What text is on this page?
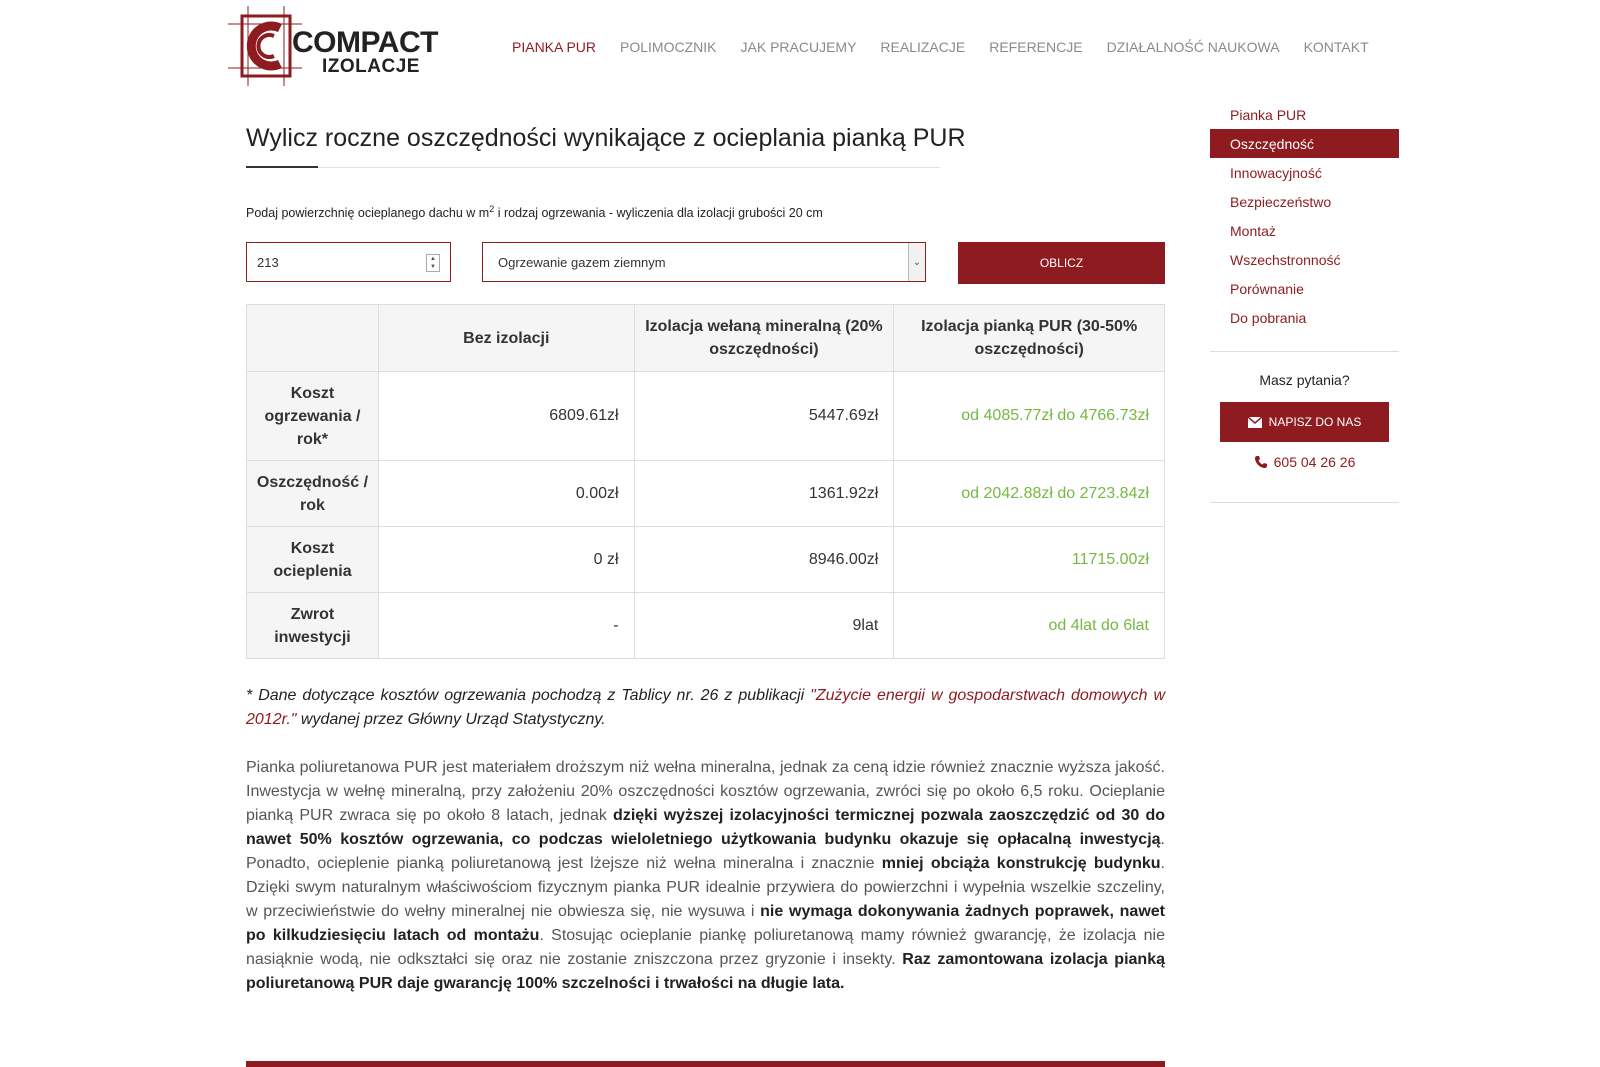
COMPACT
IZOLACJE
PIANKA PUR POLIMOCZNIK JAK PRACUJEMY REALIZACJE REFERENCJE DZIAŁALNOŚĆ NAUKOWA KONTAKT
Wylicz roczne oszczędności wynikające z ocieplania pianką PUR
Podaj powierzchnię ocieplanego dachu w $m^2$ i rodzaj ogrzewania - wyliczenia dla izolacji grubości 20 cm
213	▲
▼	Ogrzewanie gazem ziemnym	⌄	OBLICZ
	Bez izolacji	Izolacja wełaną mineralną (20% oszczędności)	Izolacja pianką PUR (30-50% oszczędności)
Koszt ogrzewania / rok*	6809.61zł	5447.69zł	od 4085.77zł do 4766.73zł
Oszczędność / rok	0.00zł	1361.92zł	od 2042.88zł do 2723.84zł
Koszt ocieplenia	0 zł	8946.00zł	11715.00zł
Zwrot inwestycji	-	9lat	od 4lat do 6lat
* Dane dotyczące kosztów ogrzewania pochodzą z Tablicy nr. 26 z publikacji "Zużycie energii w gospodarstwach domowych w 2012r." wydanej przez Główny Urząd Statystyczny.
Pianka poliuretanowa PUR jest materiałem droższym niż wełna mineralna, jednak za ceną idzie również znacznie wyższa jakość. Inwestycja w wełnę mineralną, przy założeniu 20% oszczędności kosztów ogrzewania, zwróci się po około 6,5 roku. Ocieplanie pianką PUR zwraca się po około 8 latach, jednak dzięki wyższej izolacyjności termicznej pozwala zaoszczędzić od 30 do nawet 50% kosztów ogrzewania, co podczas wieloletniego użytkowania budynku okazuje się opłacalną inwestycją. Ponadto, ocieplenie pianką poliuretanową jest lżejsze niż wełna mineralna i znacznie mniej obciąża konstrukcję budynku. Dzięki swym naturalnym właściwościom fizycznym pianka PUR idealnie przywiera do powierzchni i wypełnia wszelkie szczeliny, w przeciwieństwie do wełny mineralnej nie obwiesza się, nie wysuwa i nie wymaga dokonywania żadnych poprawek, nawet po kilkudziesięciu latach od montażu. Stosując ocieplanie piankę poliuretanową mamy również gwarancję, że izolacja nie nasiąknie wodą, nie odkształci się oraz nie zostanie zniszczona przez gryzonie i insekty. Raz zamontowana izolacja pianką poliuretanową PUR daje gwarancję 100% szczelności i trwałości na długie lata.
Pianka PUR
Oszczędność
Innowacyjność
Bezpieczeństwo
Montaż
Wszechstronność
Porównanie
Do pobrania
Masz pytania?
NAPISZ DO NAS
605 04 26 26
